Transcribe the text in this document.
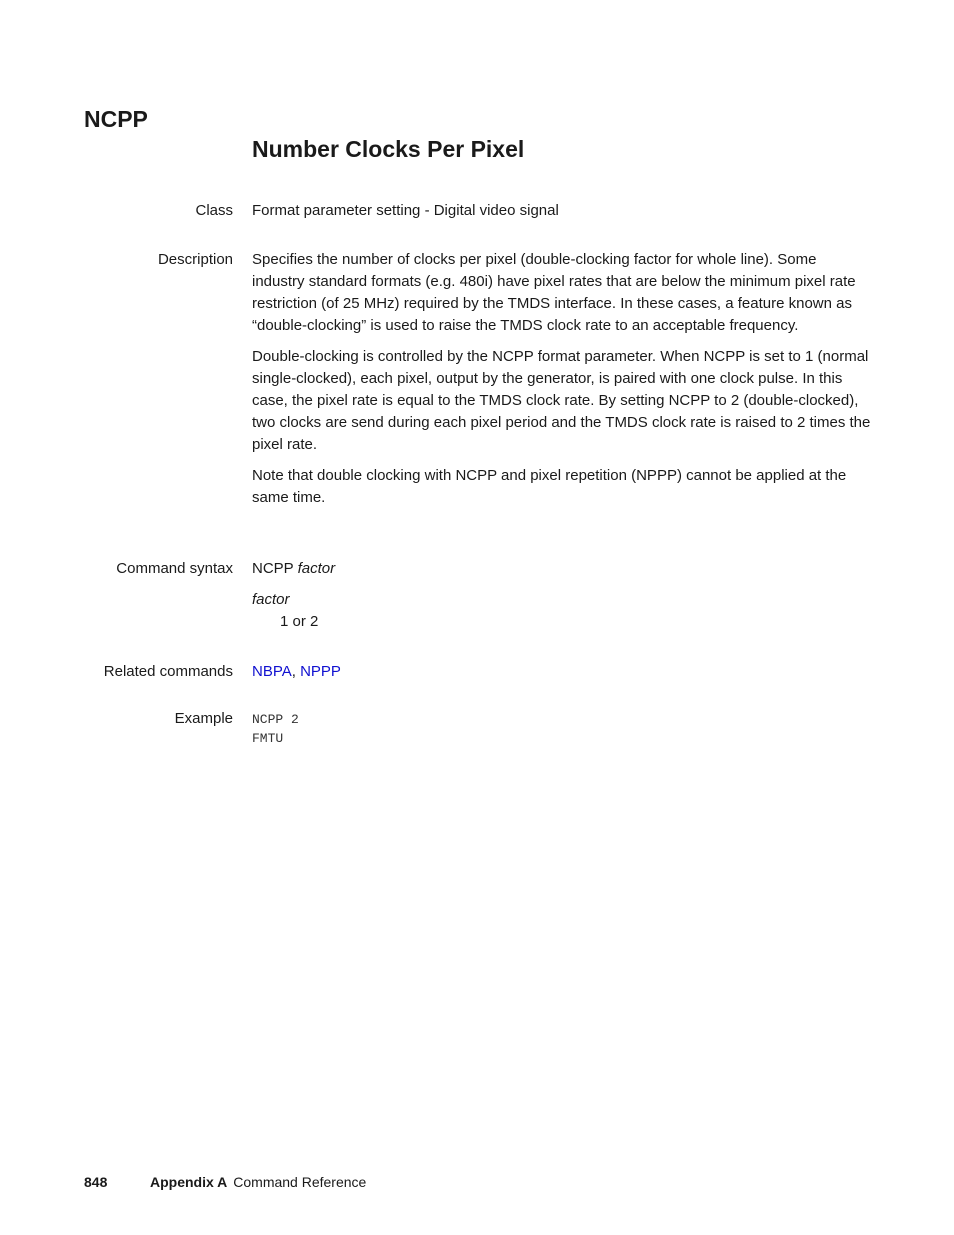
NCPP
Number Clocks Per Pixel
Class Format parameter setting - Digital video signal

Description Specifies the number of clocks per pixel (double-clocking factor for whole line). Some industry standard formats (e.g. 480i) have pixel rates that are below the minimum pixel rate restriction (of 25 MHz) required by the TMDS interface. In these cases, a feature known as “double-clocking” is used to raise the TMDS clock rate to an acceptable frequency.

Double-clocking is controlled by the NCPP format parameter. When NCPP is set to 1 (normal single-clocked), each pixel, output by the generator, is paired with one clock pulse. In this case, the pixel rate is equal to the TMDS clock rate. By setting NCPP to 2 (double-clocked), two clocks are send during each pixel period and the TMDS clock rate is raised to 2 times the pixel rate.

Note that double clocking with NCPP and pixel repetition (NPPP) cannot be applied at the same time.

Command syntax NCPP factor

factor

1 or 2
Related commands NBPA, NPPP
Example NCPP 2
FMTU
848	Appendix A Command Reference
